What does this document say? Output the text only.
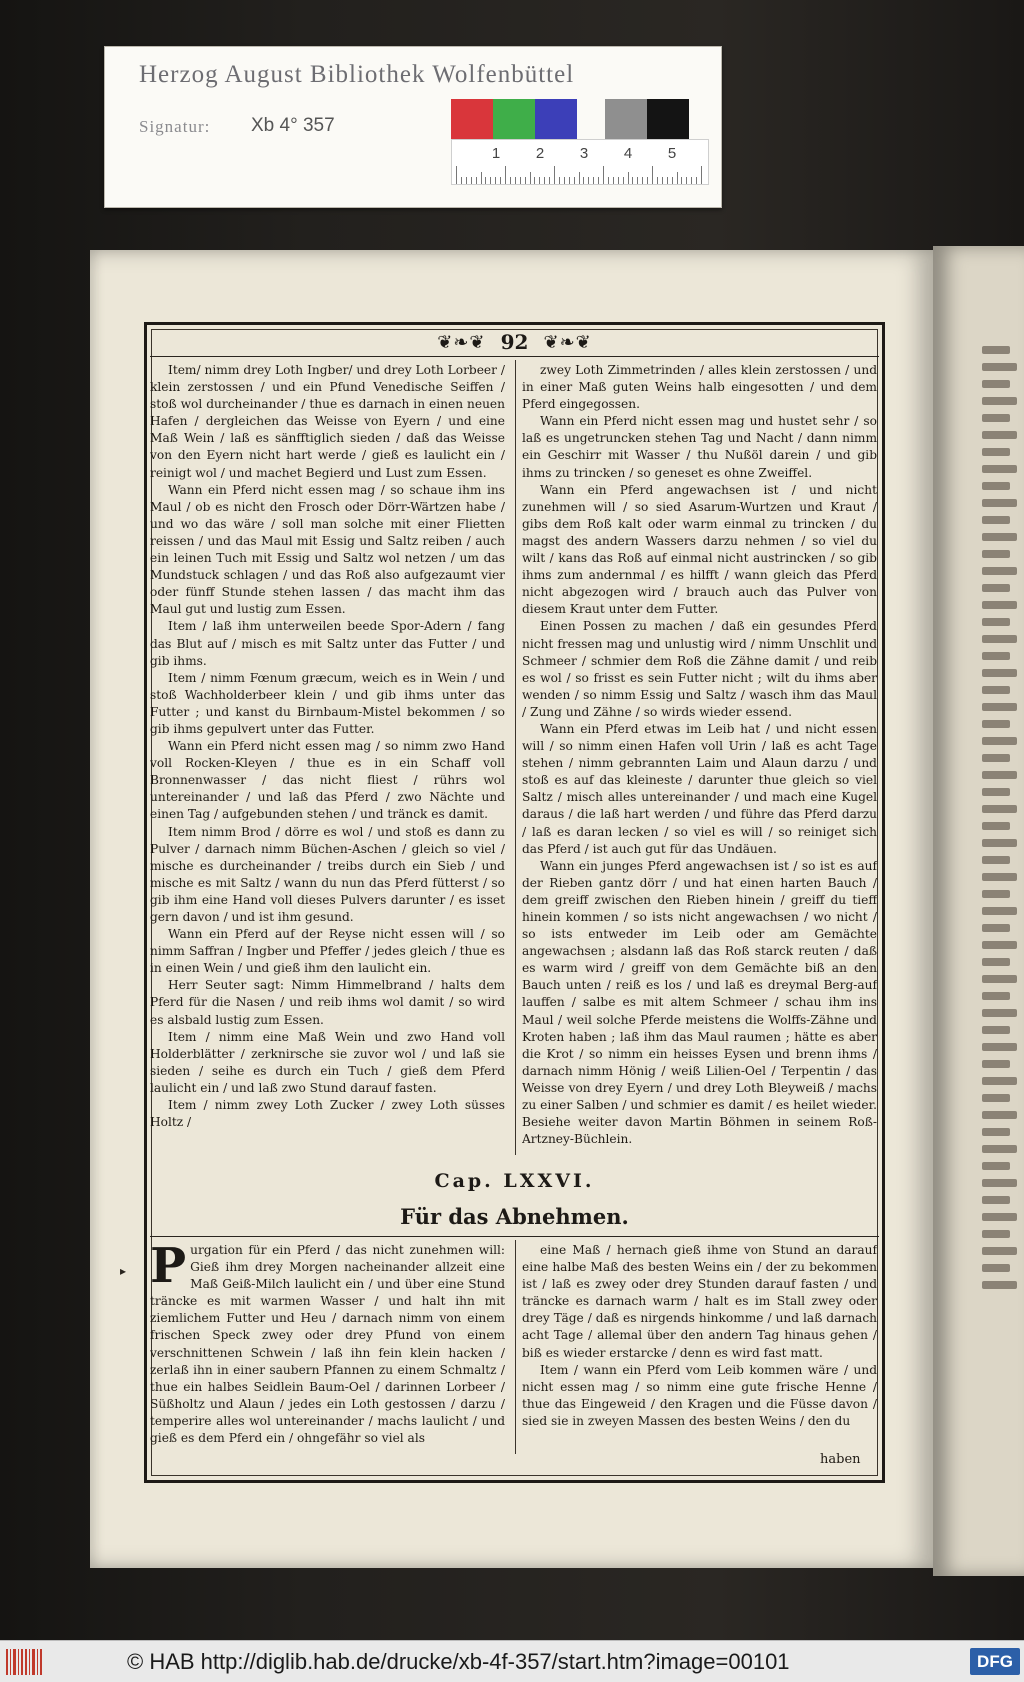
Herzog August Bibliothek Wolfenbüttel
Signatur: Xb 4° 357
1	2	3	4	5
❦❧❦ 92 ❦❧❦

Item/ nimm drey Loth Ingber/ und drey Loth Lorbeer / klein zerstossen / und ein Pfund Venedische Seiffen / stoß wol durcheinander / thue es darnach in einen neuen Hafen / dergleichen das Weisse von Eyern / und eine Maß Wein / laß es sänfftiglich sieden / daß das Weisse von den Eyern nicht hart werde / gieß es laulicht ein / reinigt wol / und machet Begierd und Lust zum Essen.

Wann ein Pferd nicht essen mag / so schaue ihm ins Maul / ob es nicht den Frosch oder Dörr-Wärtzen habe / und wo das wäre / soll man solche mit einer Flietten reissen / und das Maul mit Essig und Saltz reiben / auch ein leinen Tuch mit Essig und Saltz wol netzen / um das Mundstuck schlagen / und das Roß also aufgezaumt vier oder fünff Stunde stehen lassen / das macht ihm das Maul gut und lustig zum Essen.

Item / laß ihm unterweilen beede Spor-Adern / fang das Blut auf / misch es mit Saltz unter das Futter / und gib ihms.

Item / nimm Fœnum græcum, weich es in Wein / und stoß Wachholderbeer klein / und gib ihms unter das Futter ; und kanst du Birnbaum-Mistel bekommen / so gib ihms gepulvert unter das Futter.

Wann ein Pferd nicht essen mag / so nimm zwo Hand voll Rocken-Kleyen / thue es in ein Schaff voll Bronnenwasser / das nicht fliest / rührs wol untereinander / und laß das Pferd / zwo Nächte und einen Tag / aufgebunden stehen / und tränck es damit.

Item nimm Brod / dörre es wol / und stoß es dann zu Pulver / darnach nimm Büchen-Aschen / gleich so viel / mische es durcheinander / treibs durch ein Sieb / und mische es mit Saltz / wann du nun das Pferd fütterst / so gib ihm eine Hand voll dieses Pulvers darunter / es isset gern davon / und ist ihm gesund.

Wann ein Pferd auf der Reyse nicht essen will / so nimm Saffran / Ingber und Pfeffer / jedes gleich / thue es in einen Wein / und gieß ihm den laulicht ein.

Herr Seuter sagt: Nimm Himmelbrand / halts dem Pferd für die Nasen / und reib ihms wol damit / so wird es alsbald lustig zum Essen.

Item / nimm eine Maß Wein und zwo Hand voll Holderblätter / zerknirsche sie zuvor wol / und laß sie sieden / seihe es durch ein Tuch / gieß dem Pferd laulicht ein / und laß zwo Stund darauf fasten.

Item / nimm zwey Loth Zucker / zwey Loth süsses Holtz /

zwey Loth Zimmetrinden / alles klein zerstossen / und in einer Maß guten Weins halb eingesotten / und dem Pferd eingegossen.

Wann ein Pferd nicht essen mag und hustet sehr / so laß es ungetruncken stehen Tag und Nacht / dann nimm ein Geschirr mit Wasser / thu Nußöl darein / und gib ihms zu trincken / so geneset es ohne Zweiffel.

Wann ein Pferd angewachsen ist / und nicht zunehmen will / so sied Asarum-Wurtzen und Kraut / gibs dem Roß kalt oder warm einmal zu trincken / du magst des andern Wassers darzu nehmen / so viel du wilt / kans das Roß auf einmal nicht austrincken / so gib ihms zum andernmal / es hilfft / wann gleich das Pferd nicht abgezogen wird / brauch auch das Pulver von diesem Kraut unter dem Futter.

Einen Possen zu machen / daß ein gesundes Pferd nicht fressen mag und unlustig wird / nimm Unschlit und Schmeer / schmier dem Roß die Zähne damit / und reib es wol / so frisst es sein Futter nicht ; wilt du ihms aber wenden / so nimm Essig und Saltz / wasch ihm das Maul / Zung und Zähne / so wirds wieder essend.

Wann ein Pferd etwas im Leib hat / und nicht essen will / so nimm einen Hafen voll Urin / laß es acht Tage stehen / nimm gebrannten Laim und Alaun darzu / und stoß es auf das kleineste / darunter thue gleich so viel Saltz / misch alles untereinander / und mach eine Kugel daraus / die laß hart werden / und führe das Pferd darzu / laß es daran lecken / so viel es will / so reiniget sich das Pferd / ist auch gut für das Undäuen.

Wann ein junges Pferd angewachsen ist / so ist es auf der Rieben gantz dörr / und hat einen harten Bauch / dem greiff zwischen den Rieben hinein / greiff du tieff hinein kommen / so ists nicht angewachsen / wo nicht / so ists entweder im Leib oder am Gemächte angewachsen ; alsdann laß das Roß starck reuten / daß es warm wird / greiff von dem Gemächte biß an den Bauch unten / reiß es los / und laß es dreymal Berg-auf lauffen / salbe es mit altem Schmeer / schau ihm ins Maul / weil solche Pferde meistens die Wolffs-Zähne und Kroten haben ; laß ihm das Maul raumen ; hätte es aber die Krot / so nimm ein heisses Eysen und brenn ihms / darnach nimm Hönig / weiß Lilien-Oel / Terpentin / das Weisse von drey Eyern / und drey Loth Bleyweiß / machs zu einer Salben / und schmier es damit / es heilet wieder. Besiehe weiter davon Martin Böhmen in seinem Roß-Artzney-Büchlein.

Cap. LXXVI.
Für das Abnehmen.
▸ P urgation für ein Pferd / das nicht zunehmen will: Gieß ihm drey Morgen nacheinander allzeit eine Maß Geiß-Milch laulicht ein / und über eine Stund träncke es mit warmen Wasser / und halt ihn mit ziemlichem Futter und Heu / darnach nimm von einem frischen Speck zwey oder drey Pfund von einem verschnittenen Schwein / laß ihn fein klein hacken / zerlaß ihn in einer saubern Pfannen zu einem Schmaltz / thue ein halbes Seidlein Baum-Oel / darinnen Lorbeer / Süßholtz und Alaun / jedes ein Loth gestossen / darzu / temperire alles wol untereinander / machs laulicht / und gieß es dem Pferd ein / ohngefähr so viel als

eine Maß / hernach gieß ihme von Stund an darauf eine halbe Maß des besten Weins ein / der zu bekommen ist / laß es zwey oder drey Stunden darauf fasten / und träncke es darnach warm / halt es im Stall zwey oder drey Täge / daß es nirgends hinkomme / und laß darnach acht Tage / allemal über den andern Tag hinaus gehen / biß es wieder erstarcke / denn es wird fast matt.

Item / wann ein Pferd vom Leib kommen wäre / und nicht essen mag / so nimm eine gute frische Henne / thue das Eingeweid / den Kragen und die Füsse davon / sied sie in zweyen Massen des besten Weins / den du

haben
© HAB http://diglib.hab.de/drucke/xb-4f-357/start.htm?image=00101	DFG
